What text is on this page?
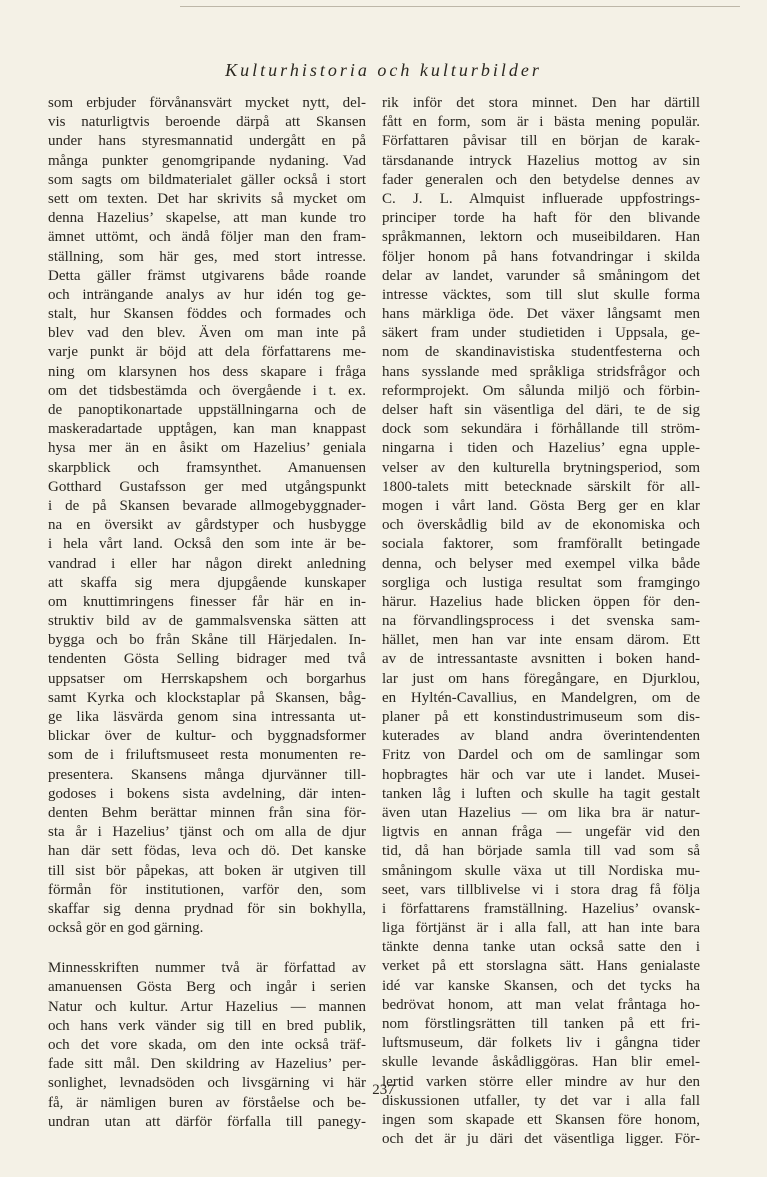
Kulturhistoria och kulturbilder
som erbjuder förvånansvärt mycket nytt, del-
vis naturligtvis beroende därpå att Skansen
under hans styresmannatid undergått en på
många punkter genomgripande nydaning. Vad
som sagts om bildmaterialet gäller också i stort
sett om texten. Det har skrivits så mycket om
denna Hazelius’ skapelse, att man kunde tro
ämnet uttömt, och ändå följer man den fram-
ställning, som här ges, med stort intresse.
Detta gäller främst utgivarens både roande
och inträngande analys av hur idén tog ge-
stalt, hur Skansen föddes och formades och
blev vad den blev. Även om man inte på
varje punkt är böjd att dela författarens me-
ning om klarsynen hos dess skapare i fråga
om det tidsbestämda och övergående i t. ex.
de panoptikonartade uppställningarna och de
maskeradartade upptågen, kan man knappast
hysa mer än en åsikt om Hazelius’ geniala
skarpblick och framsynthet. Amanuensen
Gotthard Gustafsson ger med utgångspunkt
i de på Skansen bevarade allmogebyggnader-
na en översikt av gårdstyper och husbygge
i hela vårt land. Också den som inte är be-
vandrad i eller har någon direkt anledning
att skaffa sig mera djupgående kunskaper
om knuttimringens finesser får här en in-
struktiv bild av de gammalsvenska sätten att
bygga och bo från Skåne till Härjedalen. In-
tendenten Gösta Selling bidrager med två
uppsatser om Herrskapshem och borgarhus
samt Kyrka och klockstaplar på Skansen, båg-
ge lika läsvärda genom sina intressanta ut-
blickar över de kultur- och byggnadsformer
som de i friluftsmuseet resta monumenten re-
presentera. Skansens många djurvänner till-
godoses i bokens sista avdelning, där inten-
denten Behm berättar minnen från sina för-
sta år i Hazelius’ tjänst och om alla de djur
han där sett födas, leva och dö. Det kanske
till sist bör påpekas, att boken är utgiven till
förmån för institutionen, varför den, som
skaffar sig denna prydnad för sin bokhylla,
också gör en god gärning.
Minnesskriften nummer två är författad av
amanuensen Gösta Berg och ingår i serien
Natur och kultur. Artur Hazelius — mannen
och hans verk vänder sig till en bred publik,
och det vore skada, om den inte också träf-
fade sitt mål. Den skildring av Hazelius’ per-
sonlighet, levnadsöden och livsgärning vi här
få, är nämligen buren av förståelse och be-
undran utan att därför förfalla till panegy-
rik inför det stora minnet. Den har därtill
fått en form, som är i bästa mening populär.
Författaren påvisar till en början de karak-
tärsdanande intryck Hazelius mottog av sin
fader generalen och den betydelse dennes av
C. J. L. Almquist influerade uppfostrings-
principer torde ha haft för den blivande
språkmannen, lektorn och museibildaren. Han
följer honom på hans fotvandringar i skilda
delar av landet, varunder så småningom det
intresse väcktes, som till slut skulle forma
hans märkliga öde. Det växer långsamt men
säkert fram under studietiden i Uppsala, ge-
nom de skandinavistiska studentfesterna och
hans sysslande med språkliga stridsfrågor och
reformprojekt. Om sålunda miljö och förbin-
delser haft sin väsentliga del däri, te de sig
dock som sekundära i förhållande till ström-
ningarna i tiden och Hazelius’ egna upple-
velser av den kulturella brytningsperiod, som
1800-talets mitt betecknade särskilt för all-
mogen i vårt land. Gösta Berg ger en klar
och överskådlig bild av de ekonomiska och
sociala faktorer, som framförallt betingade
denna, och belyser med exempel vilka både
sorgliga och lustiga resultat som framgingo
härur. Hazelius hade blicken öppen för den-
na förvandlingsprocess i det svenska sam-
hället, men han var inte ensam därom. Ett
av de intressantaste avsnitten i boken hand-
lar just om hans föregångare, en Djurklou,
en Hyltén-Cavallius, en Mandelgren, om de
planer på ett konstindustrimuseum som dis-
kuterades av bland andra överintendenten
Fritz von Dardel och om de samlingar som
hopbragtes här och var ute i landet. Musei-
tanken låg i luften och skulle ha tagit gestalt
även utan Hazelius — om lika bra är natur-
ligtvis en annan fråga — ungefär vid den
tid, då han började samla till vad som så
småningom skulle växa ut till Nordiska mu-
seet, vars tillblivelse vi i stora drag få följa
i författarens framställning. Hazelius’ ovansk-
liga förtjänst är i alla fall, att han inte bara
tänkte denna tanke utan också satte den i
verket på ett storslagna sätt. Hans genialaste
idé var kanske Skansen, och det tycks ha
bedrövat honom, att man velat fråntaga ho-
nom förstlingsrätten till tanken på ett fri-
luftsmuseum, där folkets liv i gångna tider
skulle levande åskådliggöras. Han blir emel-
lertid varken större eller mindre av hur den
diskussionen utfaller, ty det var i alla fall
ingen som skapade ett Skansen före honom,
och det är ju däri det väsentliga ligger. För-
237
